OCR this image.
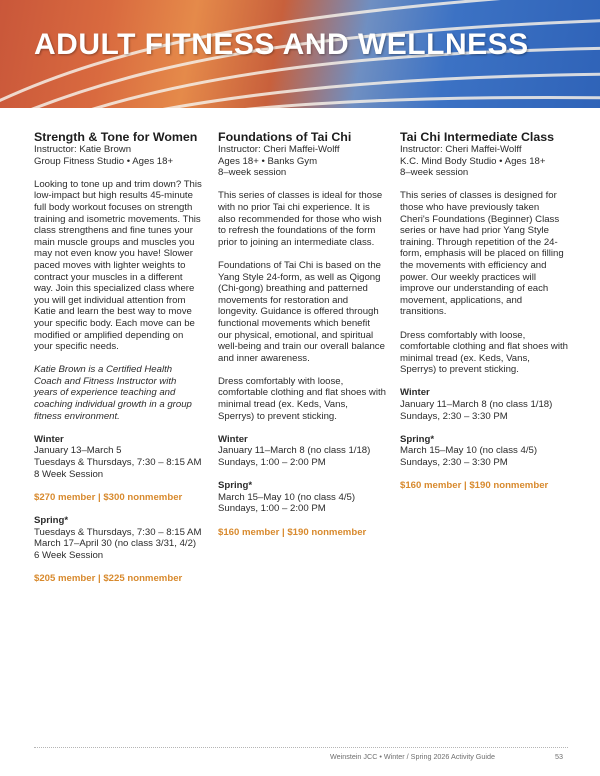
ADULT FITNESS AND WELLNESS

Strength & Tone for Women

Instructor: Katie Brown

Group Fitness Studio • Ages 18+

Looking to tone up and trim down? This low-impact but high results 45-minute full body workout focuses on strength training and isometric movements. This class strengthens and fine tunes your main muscle groups and muscles you may not even know you have! Slower paced moves with lighter weights to contract your muscles in a different way. Join this specialized class where you will get individual attention from Katie and learn the best way to move your specific body. Each move can be modified or amplified depending on your specific needs.

Katie Brown is a Certified Health Coach and Fitness Instructor with years of experience teaching and coaching individual growth in a group fitness environment.

Winter

January 13–March 5

Tuesdays & Thursdays, 7:30 – 8:15 AM

8 Week Session

$270 member | $300 nonmember

Spring*

Tuesdays & Thursdays, 7:30 – 8:15 AM

March 17–April 30 (no class 3/31, 4/2)

6 Week Session

$205 member | $225 nonmember

Foundations of Tai Chi

Instructor: Cheri Maffei-Wolff

Ages 18+ • Banks Gym

8–week session

This series of classes is ideal for those with no prior Tai chi experience. It is also recommended for those who wish to refresh the foundations of the form prior to joining an intermediate class.

Foundations of Tai Chi is based on the Yang Style 24-form, as well as Qigong (Chi-gong) breathing and patterned movements for restoration and longevity. Guidance is offered through functional movements which benefit our physical, emotional, and spiritual well-being and train our overall balance and inner awareness.

Dress comfortably with loose, comfortable clothing and flat shoes with minimal tread (ex. Keds, Vans, Sperrys) to prevent sticking.

Winter

January 11–March 8 (no class 1/18)

Sundays, 1:00 – 2:00 PM

Spring*

March 15–May 10 (no class 4/5)

Sundays, 1:00 – 2:00 PM

$160 member | $190 nonmember

Tai Chi Intermediate Class

Instructor: Cheri Maffei-Wolff

K.C. Mind Body Studio • Ages 18+

8–week session

This series of classes is designed for those who have previously taken Cheri's Foundations (Beginner) Class series or have had prior Yang Style training. Through repetition of the 24-form, emphasis will be placed on filling the movements with efficiency and power. Our weekly practices will improve our understanding of each movement, applications, and transitions.

Dress comfortably with loose, comfortable clothing and flat shoes with minimal tread (ex. Keds, Vans, Sperrys) to prevent sticking.

Winter

January 11–March 8 (no class 1/18)

Sundays, 2:30 – 3:30 PM

Spring*

March 15–May 10 (no class 4/5)

Sundays, 2:30 – 3:30 PM

$160 member | $190 nonmember

Weinstein JCC • Winter / Spring 2026 Activity Guide	53
